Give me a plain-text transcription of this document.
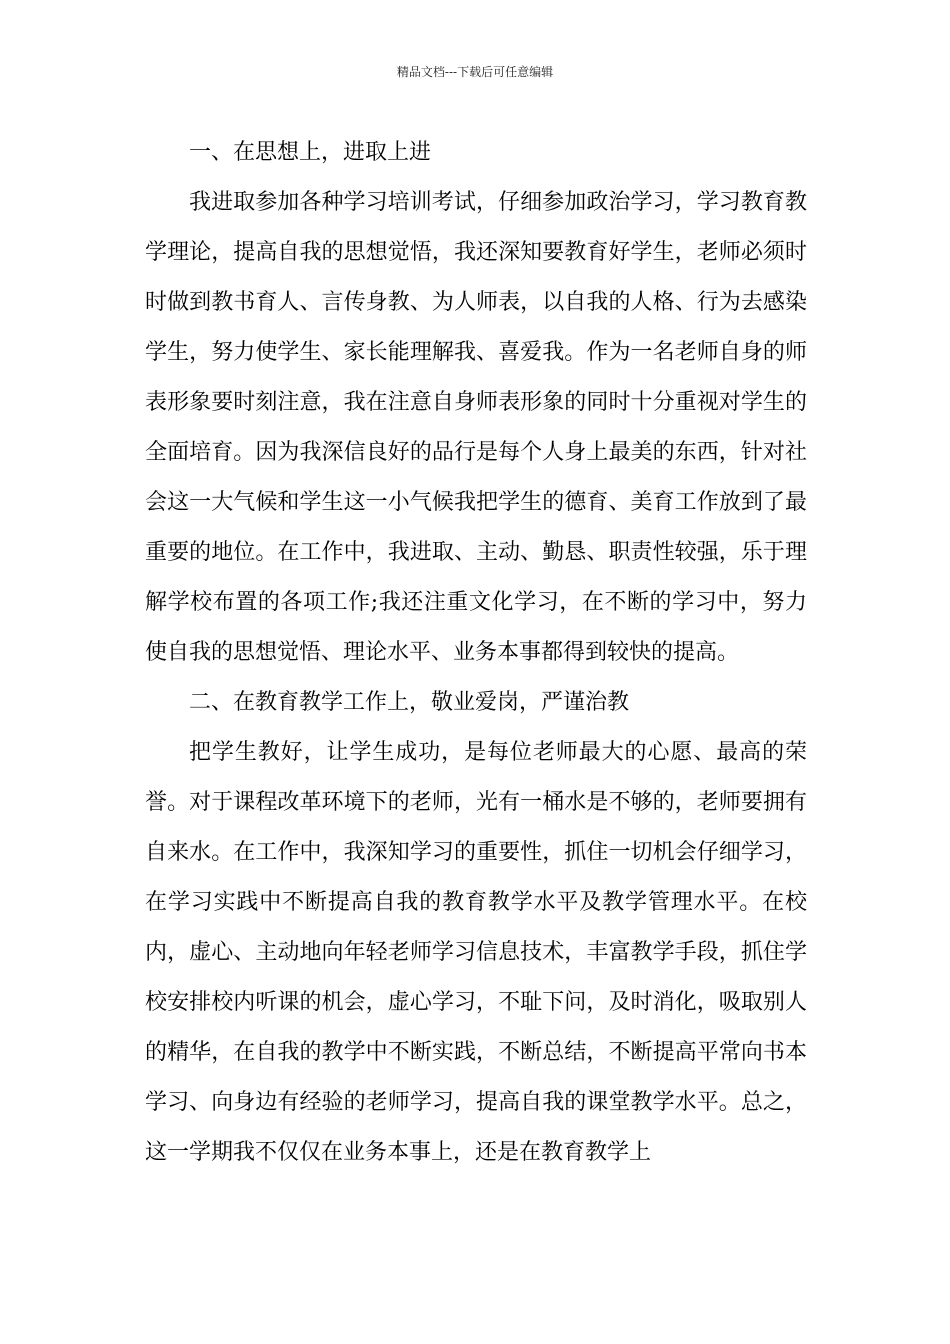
精品文档---下载后可任意编辑

一、在思想上，进取上进

我进取参加各种学习培训考试，仔细参加政治学习，学习教育教学理论，提高自我的思想觉悟，我还深知要教育好学生，老师必须时时做到教书育人、言传身教、为人师表，以自我的人格、行为去感染学生，努力使学生、家长能理解我、喜爱我。作为一名老师自身的师表形象要时刻注意，我在注意自身师表形象的同时十分重视对学生的全面培育。因为我深信良好的品行是每个人身上最美的东西，针对社会这一大气候和学生这一小气候我把学生的德育、美育工作放到了最重要的地位。在工作中，我进取、主动、勤恳、职责性较强，乐于理解学校布置的各项工作;我还注重文化学习，在不断的学习中，努力使自我的思想觉悟、理论水平、业务本事都得到较快的提高。

二、在教育教学工作上，敬业爱岗，严谨治教

把学生教好，让学生成功，是每位老师最大的心愿、最高的荣誉。对于课程改革环境下的老师，光有一桶水是不够的，老师要拥有自来水。在工作中，我深知学习的重要性，抓住一切机会仔细学习，在学习实践中不断提高自我的教育教学水平及教学管理水平。在校内，虚心、主动地向年轻老师学习信息技术，丰富教学手段，抓住学校安排校内听课的机会，虚心学习，不耻下问，及时消化，吸取别人的精华，在自我的教学中不断实践，不断总结，不断提高平常向书本学习、向身边有经验的老师学习，提高自我的课堂教学水平。总之，这一学期我不仅仅在业务本事上，还是在教育教学上
